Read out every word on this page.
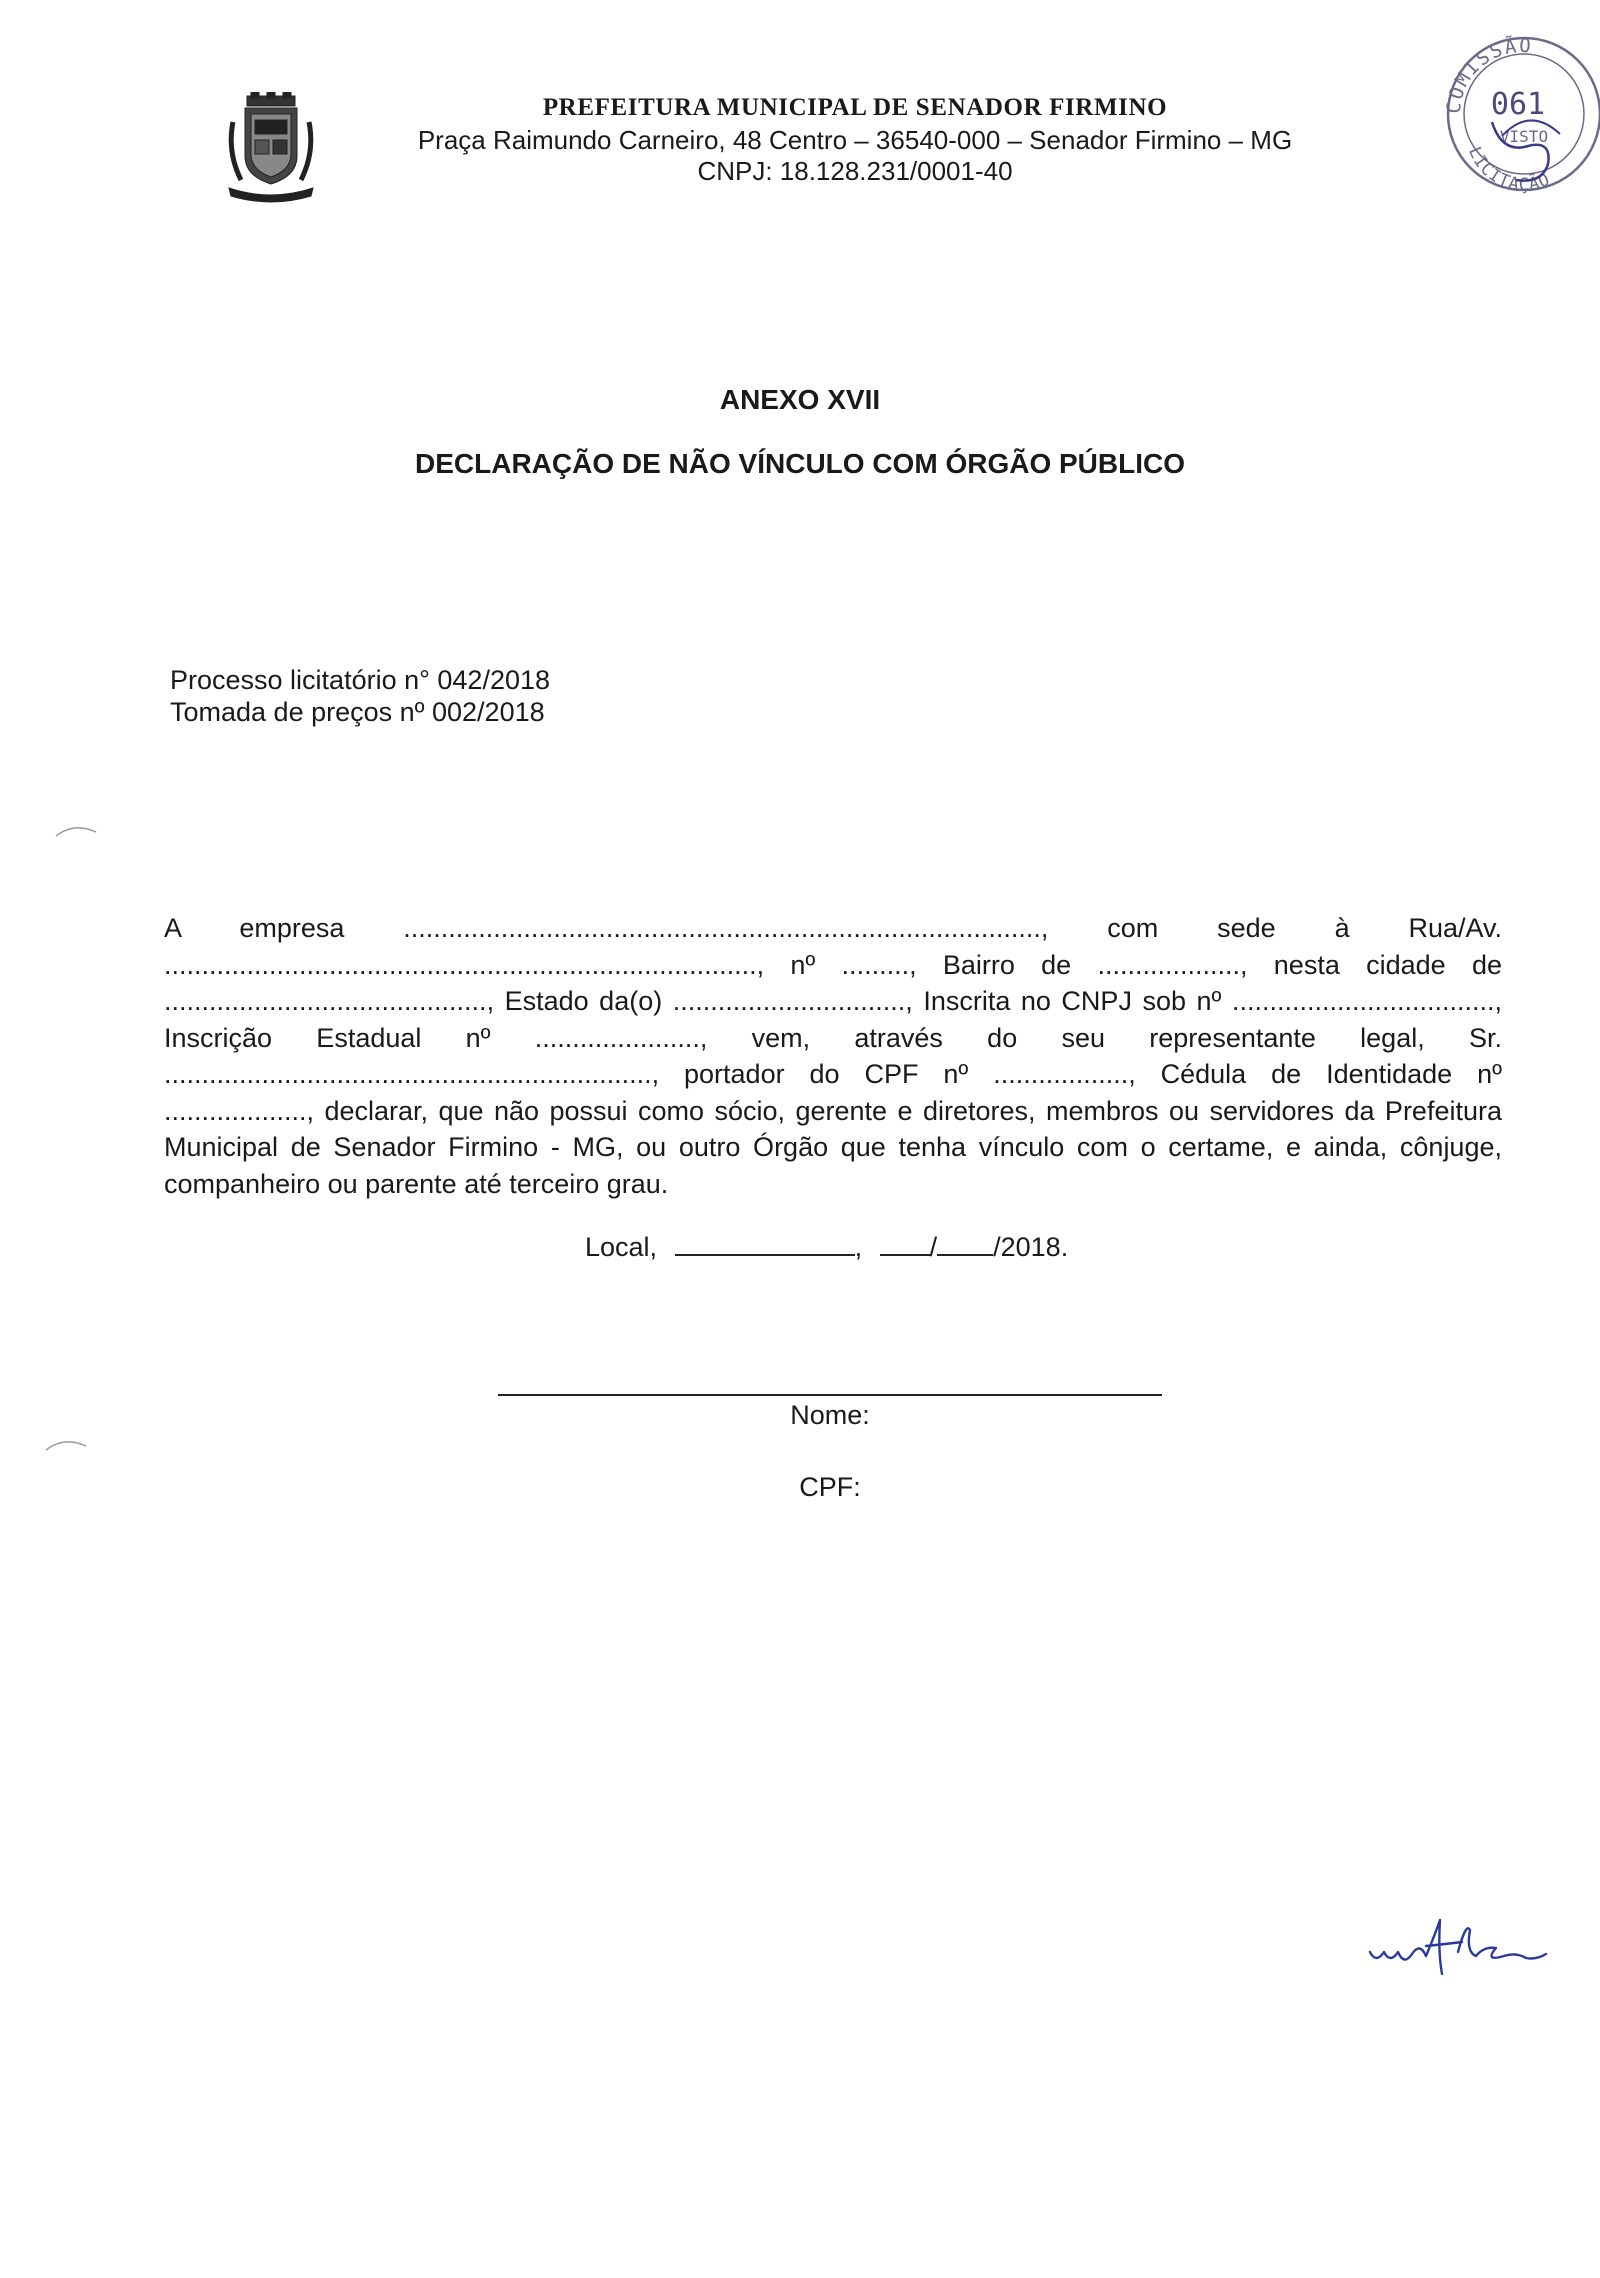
PREFEITURA MUNICIPAL DE SENADOR FIRMINO
Praça Raimundo Carneiro, 48 Centro – 36540-000 – Senador Firmino – MG
CNPJ: 18.128.231/0001-40
COMISSÃO
LICITAÇÃO
061
VISTO
ANEXO XVII
DECLARAÇÃO DE NÃO VÍNCULO COM ÓRGÃO PÚBLICO
Processo licitatório n° 042/2018
Tomada de preços nº 002/2018
A empresa ....................................................................................., com sede à Rua/Av. ..............................................................................., nº ........., Bairro de ..................., nesta cidade de ..........................................., Estado da(o) ..............................., Inscrita no CNPJ sob nº ..................................., Inscrição Estadual nº ......................, vem, através do seu representante legal, Sr. ................................................................., portador do CPF nº .................., Cédula de Identidade nº ..................., declarar, que não possui como sócio, gerente e diretores, membros ou servidores da Prefeitura Municipal de Senador Firmino - MG, ou outro Órgão que tenha vínculo com o certame, e ainda, cônjuge, companheiro ou parente até terceiro grau.
Local,	,	/ /2018.
Nome:
CPF:
